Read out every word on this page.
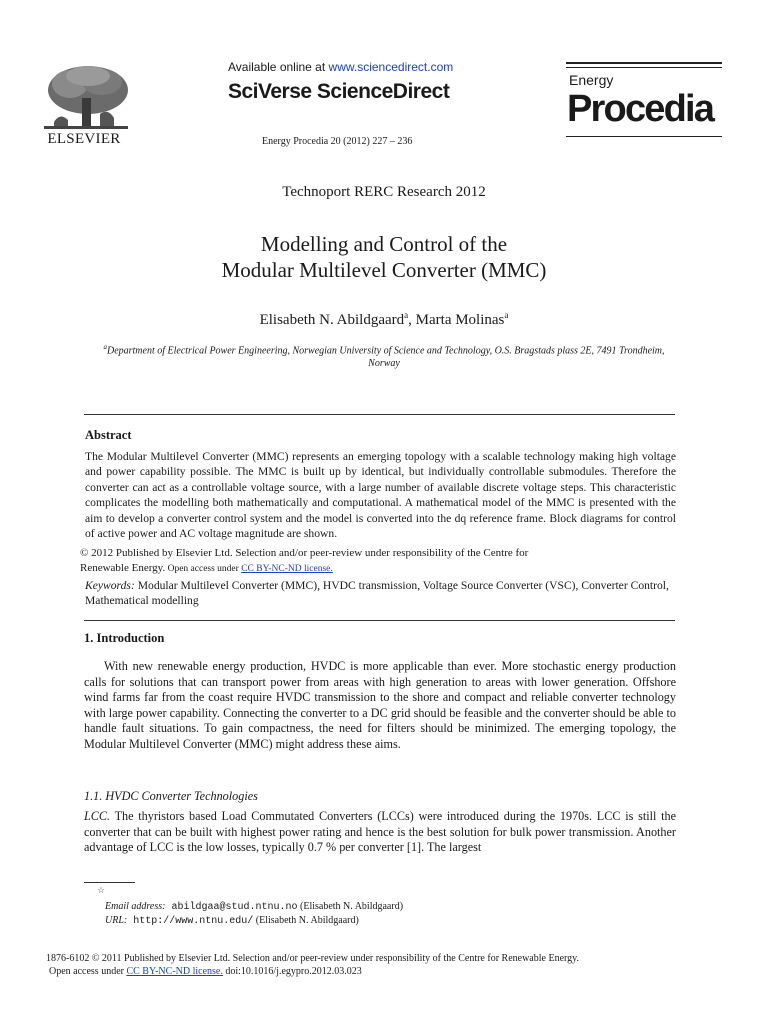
ELSEVIER
Available online at www.sciencedirect.com
SciVerse ScienceDirect
Energy Procedia 20 (2012) 227 – 236
Energy
Procedia
Technoport RERC Research 2012
Modelling and Control of the
Modular Multilevel Converter (MMC)
Elisabeth N. Abildgaard$^a$, Marta Molinas$^a$
$^a$Department of Electrical Power Engineering, Norwegian University of Science and Technology, O.S. Bragstads plass 2E, 7491 Trondheim, Norway
Abstract
The Modular Multilevel Converter (MMC) represents an emerging topology with a scalable technology making high voltage and power capability possible. The MMC is built up by identical, but individually controllable submodules. Therefore the converter can act as a controllable voltage source, with a large number of available discrete voltage steps. This characteristic complicates the modelling both mathematically and computational. A mathematical model of the MMC is presented with the aim to develop a converter control system and the model is converted into the dq reference frame. Block diagrams for control of active power and AC voltage magnitude are shown.
© 2012 Published by Elsevier Ltd. Selection and/or peer-review under responsibility of the Centre for
Renewable Energy. Open access under CC BY-NC-ND license.
Keywords: Modular Multilevel Converter (MMC), HVDC transmission, Voltage Source Converter (VSC), Converter Control, Mathematical modelling
1. Introduction
With new renewable energy production, HVDC is more applicable than ever. More stochastic energy production calls for solutions that can transport power from areas with high generation to areas with lower generation. Offshore wind farms far from the coast require HVDC transmission to the shore and compact and reliable converter technology with large power capability. Connecting the converter to a DC grid should be feasible and the converter should be able to handle fault situations. To gain compactness, the need for filters should be minimized. The emerging topology, the Modular Multilevel Converter (MMC) might address these aims.
1.1. HVDC Converter Technologies
LCC. The thyristors based Load Commutated Converters (LCCs) were introduced during the 1970s. LCC is still the converter that can be built with highest power rating and hence is the best solution for bulk power transmission. Another advantage of LCC is the low losses, typically 0.7 % per converter [1]. The largest
☆
Email address: abildgaa@stud.ntnu.no (Elisabeth N. Abildgaard)
URL: http://www.ntnu.edu/ (Elisabeth N. Abildgaard)
1876-6102 © 2011 Published by Elsevier Ltd. Selection and/or peer-review under responsibility of the Centre for Renewable Energy.
Open access under CC BY-NC-ND license. doi:10.1016/j.egypro.2012.03.023
